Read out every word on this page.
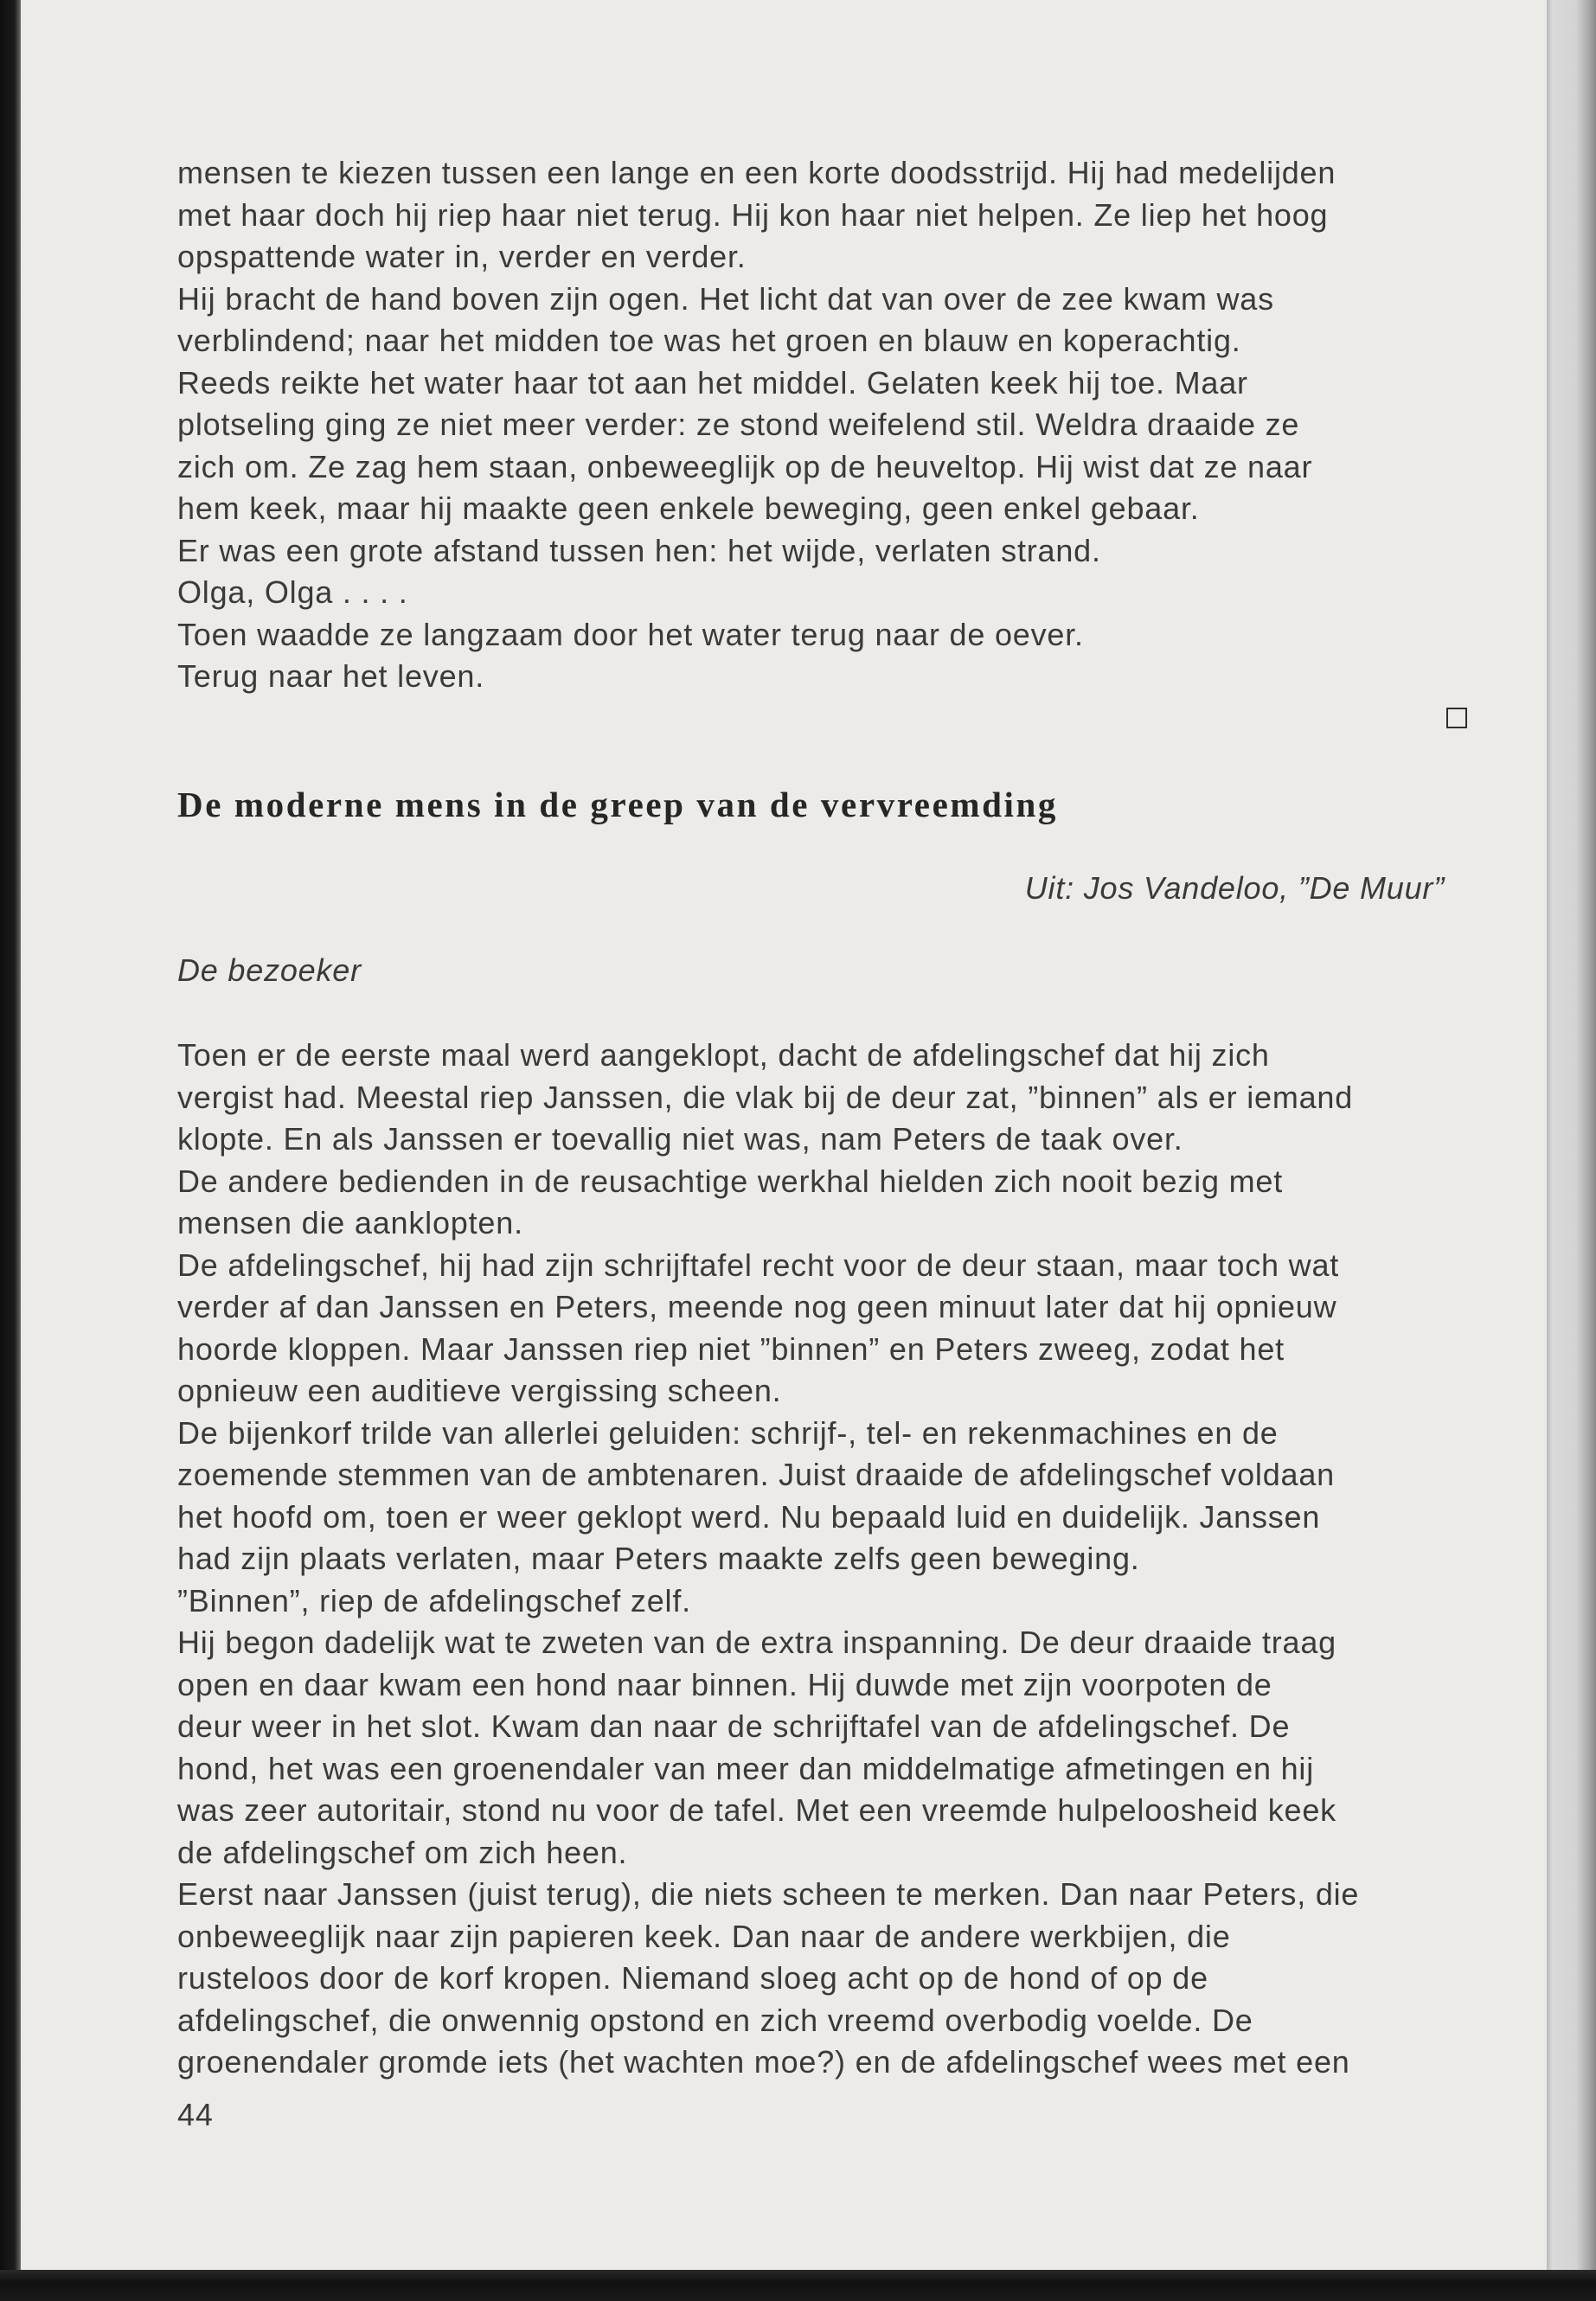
mensen te kiezen tussen een lange en een korte doodsstrijd. Hij had medelijden
met haar doch hij riep haar niet terug. Hij kon haar niet helpen. Ze liep het hoog
opspattende water in, verder en verder.
Hij bracht de hand boven zijn ogen. Het licht dat van over de zee kwam was
verblindend; naar het midden toe was het groen en blauw en koperachtig.
Reeds reikte het water haar tot aan het middel. Gelaten keek hij toe. Maar
plotseling ging ze niet meer verder: ze stond weifelend stil. Weldra draaide ze
zich om. Ze zag hem staan, onbeweeglijk op de heuveltop. Hij wist dat ze naar
hem keek, maar hij maakte geen enkele beweging, geen enkel gebaar.
Er was een grote afstand tussen hen: het wijde, verlaten strand.
Olga, Olga . . . .
Toen waadde ze langzaam door het water terug naar de oever.
Terug naar het leven.
De moderne mens in de greep van de vervreemding
Uit: Jos Vandeloo, ”De Muur”
De bezoeker
Toen er de eerste maal werd aangeklopt, dacht de afdelingschef dat hij zich
vergist had. Meestal riep Janssen, die vlak bij de deur zat, ”binnen” als er iemand
klopte. En als Janssen er toevallig niet was, nam Peters de taak over.
De andere bedienden in de reusachtige werkhal hielden zich nooit bezig met
mensen die aanklopten.
De afdelingschef, hij had zijn schrijftafel recht voor de deur staan, maar toch wat
verder af dan Janssen en Peters, meende nog geen minuut later dat hij opnieuw
hoorde kloppen. Maar Janssen riep niet ”binnen” en Peters zweeg, zodat het
opnieuw een auditieve vergissing scheen.
De bijenkorf trilde van allerlei geluiden: schrijf-, tel- en rekenmachines en de
zoemende stemmen van de ambtenaren. Juist draaide de afdelingschef voldaan
het hoofd om, toen er weer geklopt werd. Nu bepaald luid en duidelijk. Janssen
had zijn plaats verlaten, maar Peters maakte zelfs geen beweging.
”Binnen”, riep de afdelingschef zelf.
Hij begon dadelijk wat te zweten van de extra inspanning. De deur draaide traag
open en daar kwam een hond naar binnen. Hij duwde met zijn voorpoten de
deur weer in het slot. Kwam dan naar de schrijftafel van de afdelingschef. De
hond, het was een groenendaler van meer dan middelmatige afmetingen en hij
was zeer autoritair, stond nu voor de tafel. Met een vreemde hulpeloosheid keek
de afdelingschef om zich heen.
Eerst naar Janssen (juist terug), die niets scheen te merken. Dan naar Peters, die
onbeweeglijk naar zijn papieren keek. Dan naar de andere werkbijen, die
rusteloos door de korf kropen. Niemand sloeg acht op de hond of op de
afdelingschef, die onwennig opstond en zich vreemd overbodig voelde. De
groenendaler gromde iets (het wachten moe?) en de afdelingschef wees met een
44
